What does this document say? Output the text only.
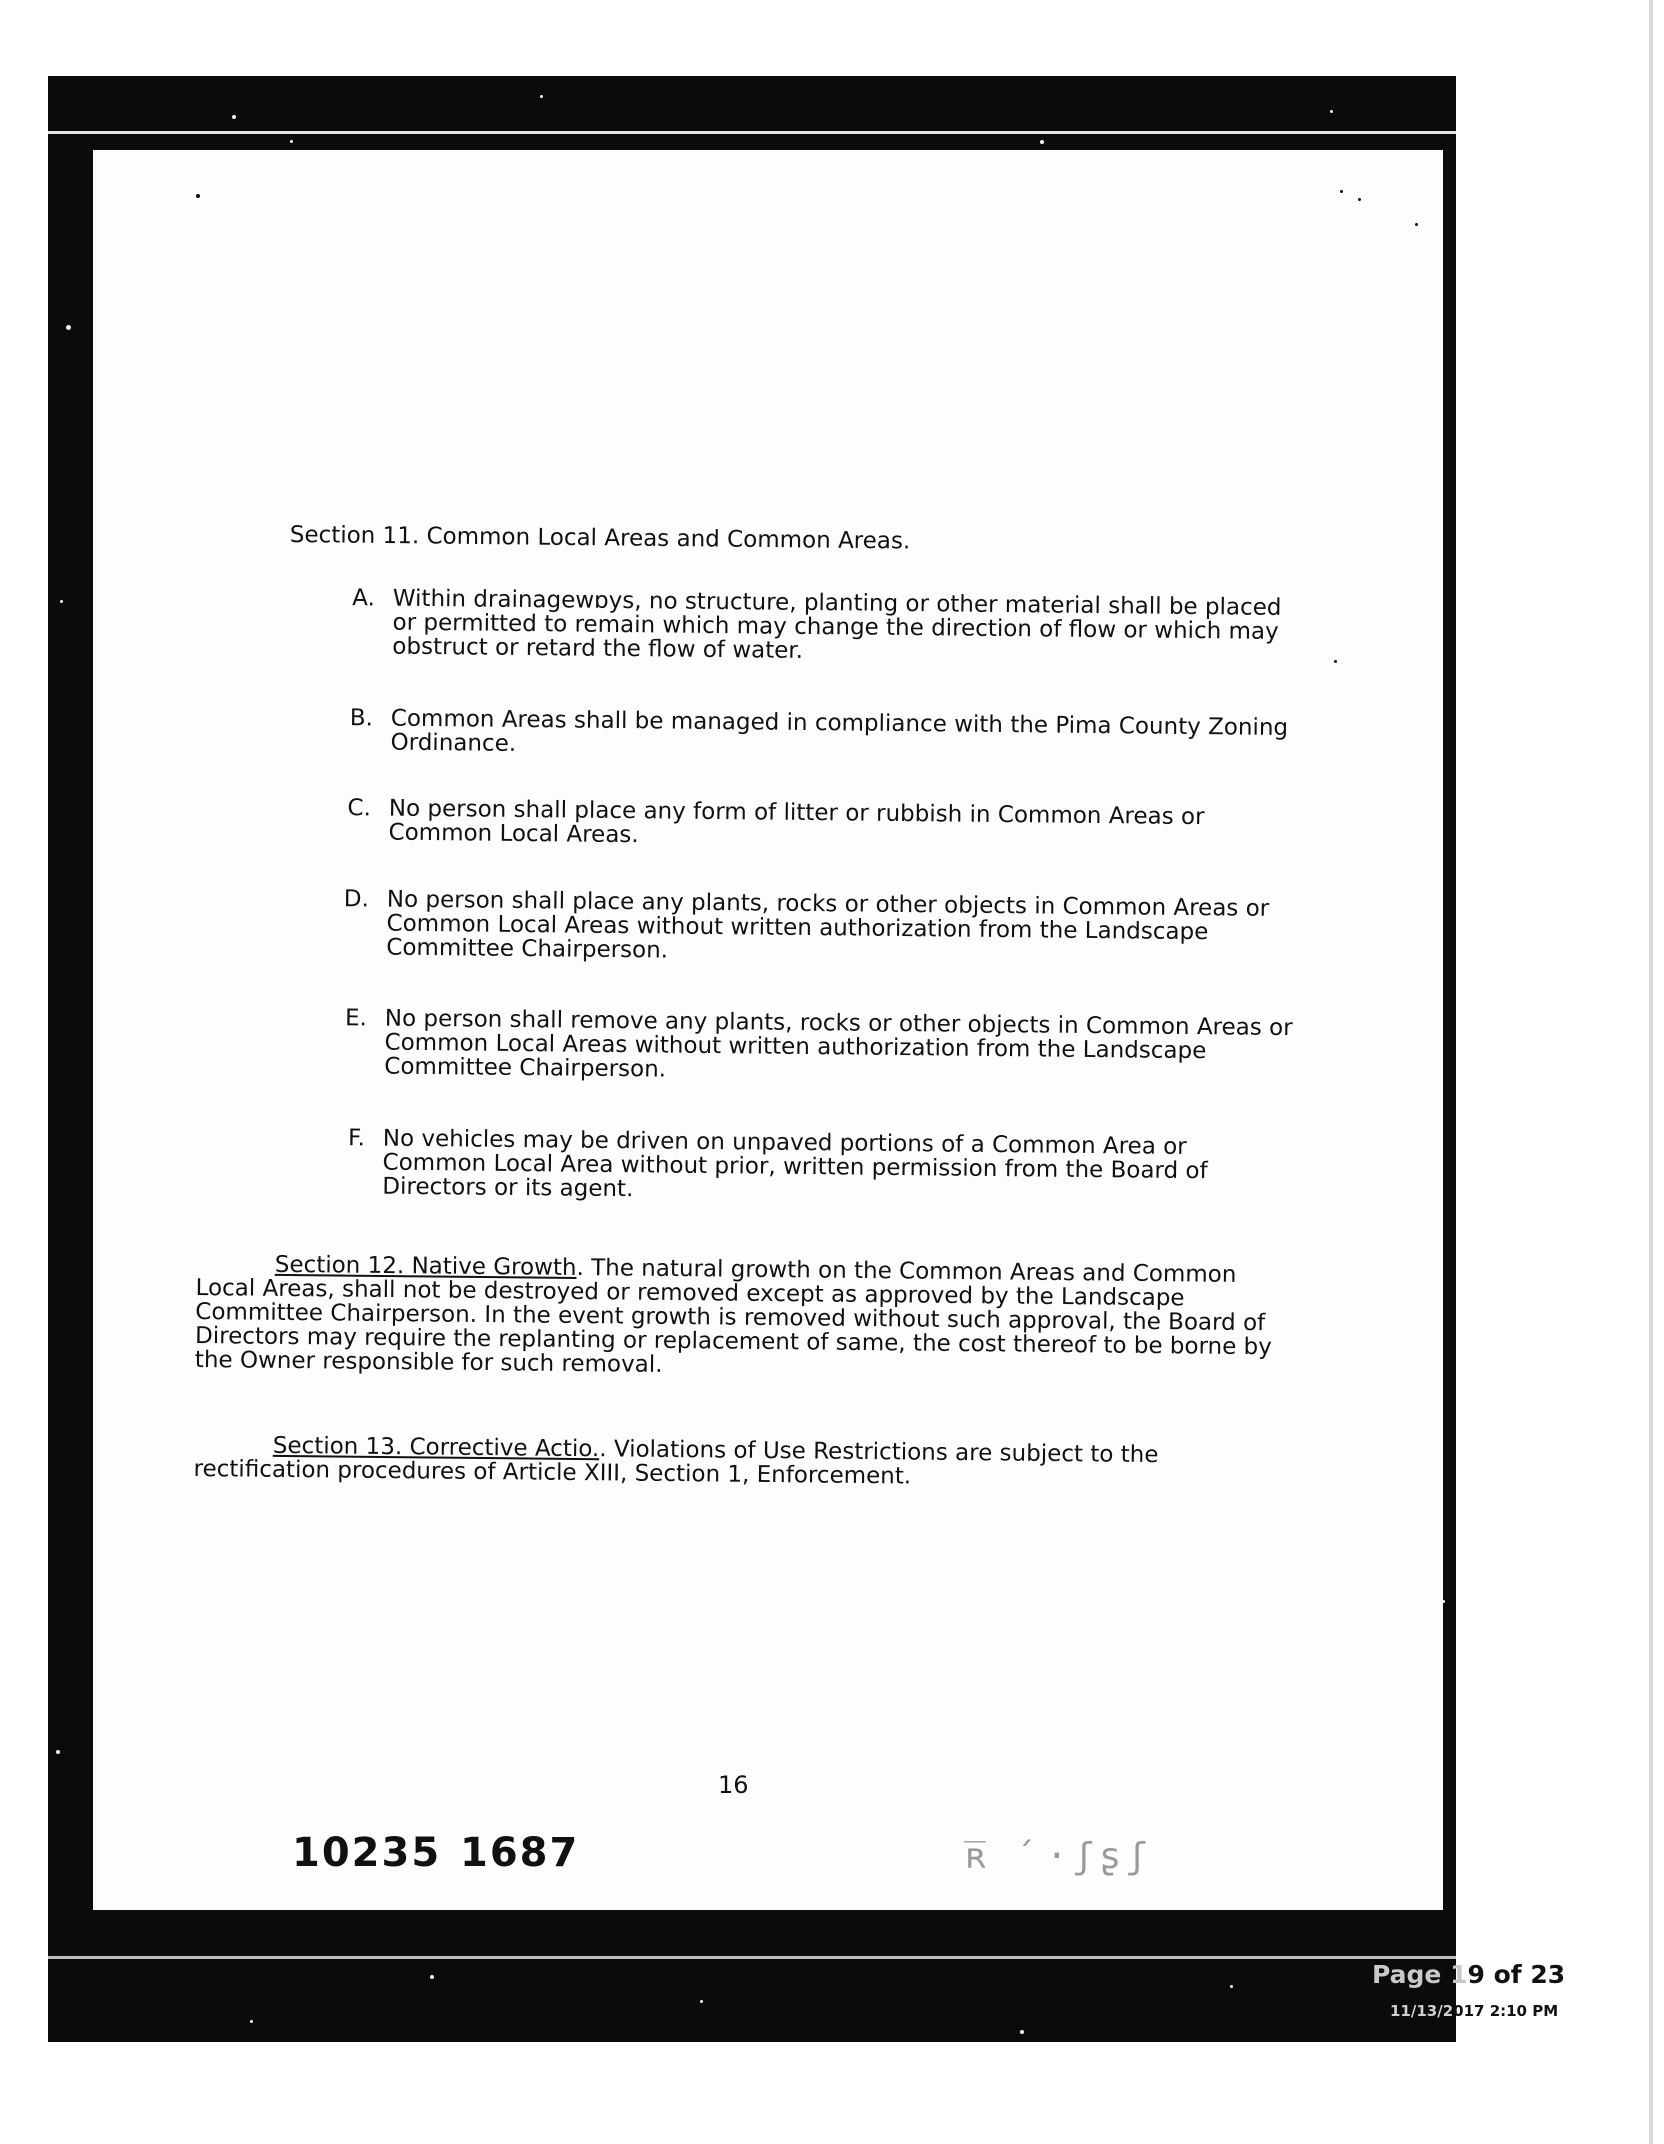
Section 11. Common Local Areas and Common Areas.
A. Within drainagewɒys, no structure, planting or other material shall be placed or permitted to remain which may change the direction of flow or which may obstruct or retard the flow of water.
B. Common Areas shall be managed in compliance with the Pima County Zoning Ordinance.
C. No person shall place any form of litter or rubbish in Common Areas or Common Local Areas.
D. No person shall place any plants, rocks or other objects in Common Areas or Common Local Areas without written authorization from the Landscape Committee Chairperson.
E. No person shall remove any plants, rocks or other objects in Common Areas or Common Local Areas without written authorization from the Landscape Committee Chairperson.
F. No vehicles may be driven on unpaved portions of a Common Area or Common Local Area without prior, written permission from the Board of Directors or its agent.
Section 12. Native Growth. The natural growth on the Common Areas and Common Local Areas, shall not be destroyed or removed except as approved by the Landscape Committee Chairperson. In the event growth is removed without such approval, the Board of Directors may require the replanting or replacement of same, the cost thereof to be borne by the Owner responsible for such removal.
Section 13. Corrective Actio.. Violations of Use Restrictions are subject to the rectification procedures of Article XIII, Section 1, Enforcement.
16
10235 1687	ʀ̅ ́ ·ʃʂʃ
Page 19 of 23
11/13/2017 2:10 PM
